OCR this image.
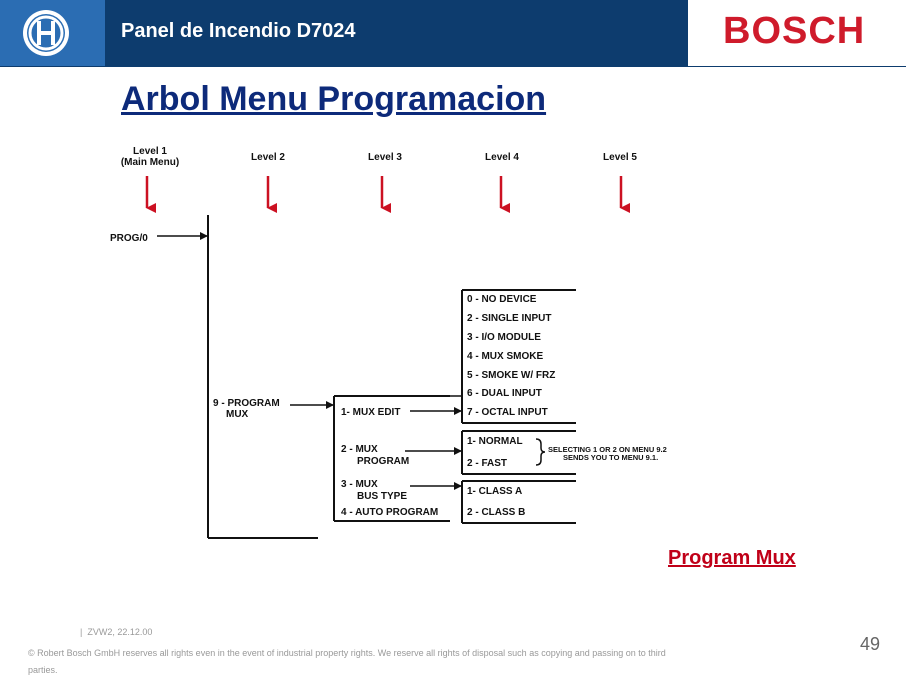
Panel de Incendio D7024	BOSCH
Arbol Menu Programacion
Level 1
(Main Menu)	Level 2	Level 3	Level 4	Level 5
PROG/0
9 - PROGRAM
MUX	1- MUX EDIT
2 - MUX
PROGRAM
3 - MUX
BUS TYPE
4 - AUTO PROGRAM
0 - NO DEVICE
2 - SINGLE INPUT
3 - I/O MODULE
4 - MUX SMOKE
5 - SMOKE W/ FRZ
6 - DUAL INPUT
7 - OCTAL INPUT
1- NORMAL
2 - FAST
SELECTING 1 OR 2 ON MENU 9.2
SENDS YOU TO MENU 9.1.
1- CLASS A
2 - CLASS B
Program Mux
| ZVW2, 22.12.00
© Robert Bosch GmbH reserves all rights even in the event of industrial property rights. We reserve all rights of disposal such as copying and passing on to third parties.
49
